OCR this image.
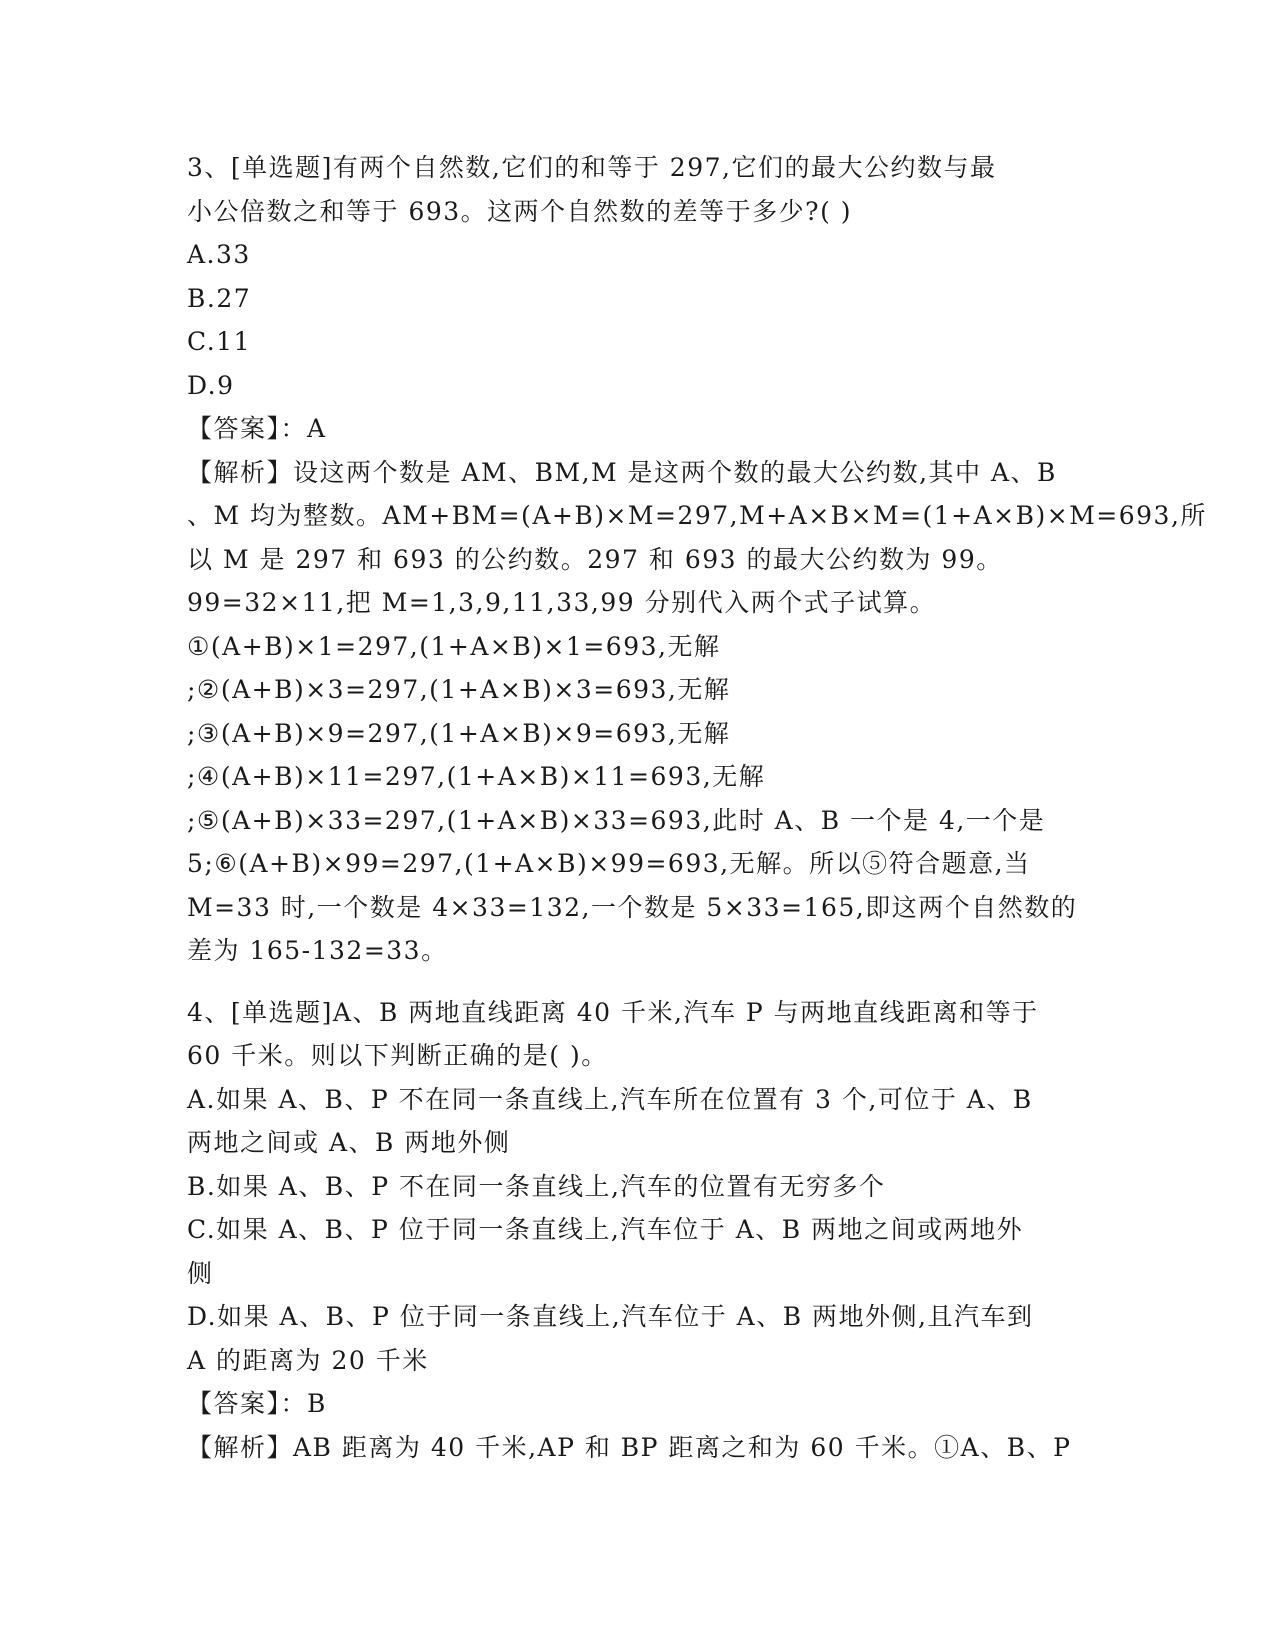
3、[单选题]有两个自然数,它们的和等于 297,它们的最大公约数与最
小公倍数之和等于 693。这两个自然数的差等于多少?( )
A.33
B.27
C.11
D.9
【答案】：A
【解析】设这两个数是 AM、BM,M 是这两个数的最大公约数,其中 A、B
、M 均为整数。AM+BM=(A+B)×M=297,M+A×B×M=(1+A×B)×M=693,所
以 M 是 297 和 693 的公约数。297 和 693 的最大公约数为 99。
99=32×11,把 M=1,3,9,11,33,99 分别代入两个式子试算。
①(A+B)×1=297,(1+A×B)×1=693,无解
;②(A+B)×3=297,(1+A×B)×3=693,无解
;③(A+B)×9=297,(1+A×B)×9=693,无解
;④(A+B)×11=297,(1+A×B)×11=693,无解
;⑤(A+B)×33=297,(1+A×B)×33=693,此时 A、B 一个是 4,一个是
5;⑥(A+B)×99=297,(1+A×B)×99=693,无解。所以⑤符合题意,当
M=33 时,一个数是 4×33=132,一个数是 5×33=165,即这两个自然数的
差为 165-132=33。
4、[单选题]A、B 两地直线距离 40 千米,汽车 P 与两地直线距离和等于
60 千米。则以下判断正确的是( )。
A.如果 A、B、P 不在同一条直线上,汽车所在位置有 3 个,可位于 A、B
两地之间或 A、B 两地外侧
B.如果 A、B、P 不在同一条直线上,汽车的位置有无穷多个
C.如果 A、B、P 位于同一条直线上,汽车位于 A、B 两地之间或两地外
侧
D.如果 A、B、P 位于同一条直线上,汽车位于 A、B 两地外侧,且汽车到
A 的距离为 20 千米
【答案】：B
【解析】AB 距离为 40 千米,AP 和 BP 距离之和为 60 千米。①A、B、P
